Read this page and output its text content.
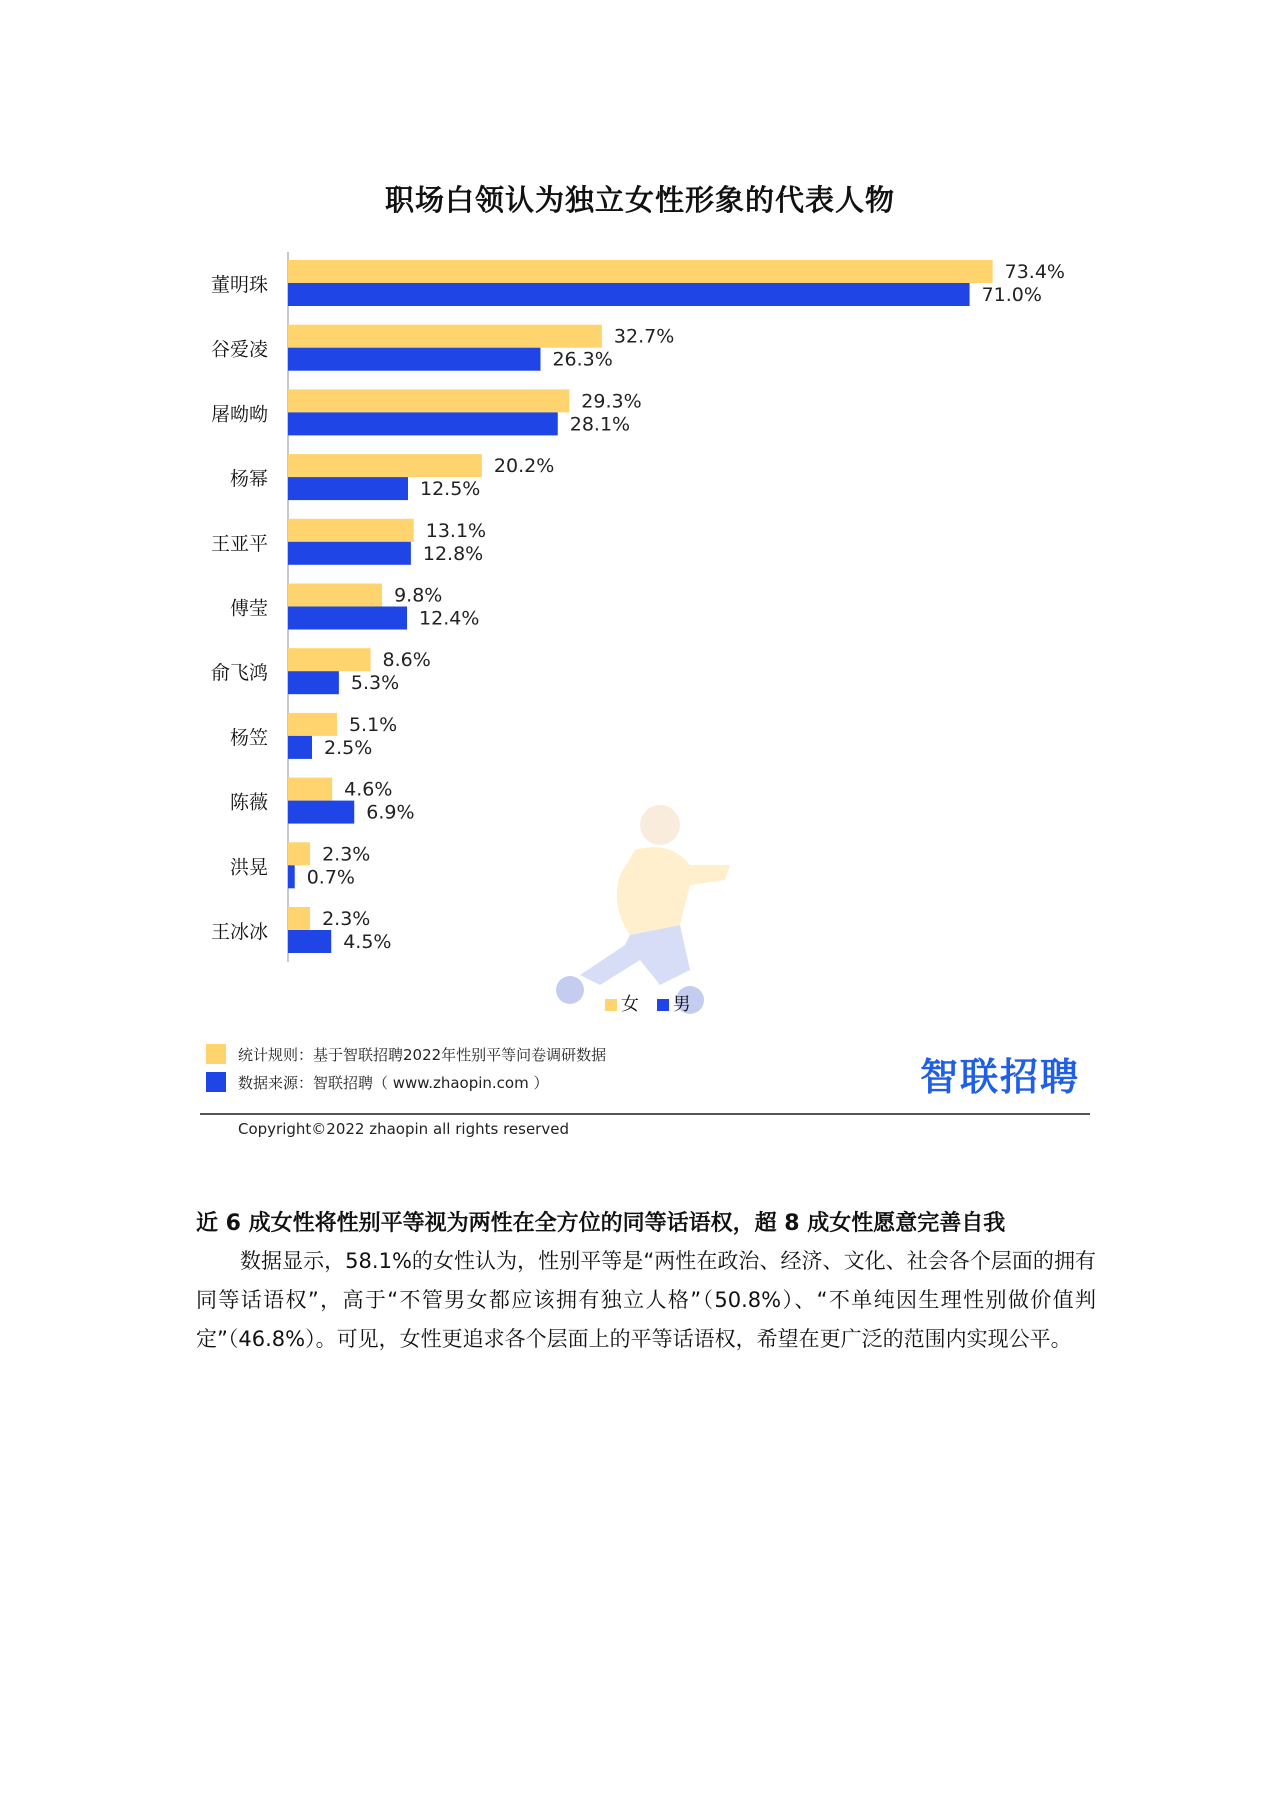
职场白领认为独立女性形象的代表人物
董明珠
73.4%
71.0%
谷爱凌
32.7%
26.3%
屠呦呦
29.3%
28.1%
杨幂
20.2%
12.5%
王亚平
13.1%
12.8%
傅莹
9.8%
12.4%
俞飞鸿
8.6%
5.3%
杨笠
5.1%
2.5%
陈薇
4.6%
6.9%
洪晃
2.3%
0.7%
王冰冰
2.3%
4.5%
女 男
统计规则：基于智联招聘2022年性别平等问卷调研数据
数据来源：智联招聘（ www.zhaopin.com ）	智联招聘
Copyright©2022 zhaopin all rights reserved
近 6 成女性将性别平等视为两性在全方位的同等话语权，超 8 成女性愿意完善自我
数据显示，58.1%的女性认为，性别平等是“两性在政治、经济、文化、社会各个层面的拥有同等话语权”，高于“不管男女都应该拥有独立人格”（50.8%）、“不单纯因生理性别做价值判定”（46.8%）。可见，女性更追求各个层面上的平等话语权，希望在更广泛的范围内实现公平。
